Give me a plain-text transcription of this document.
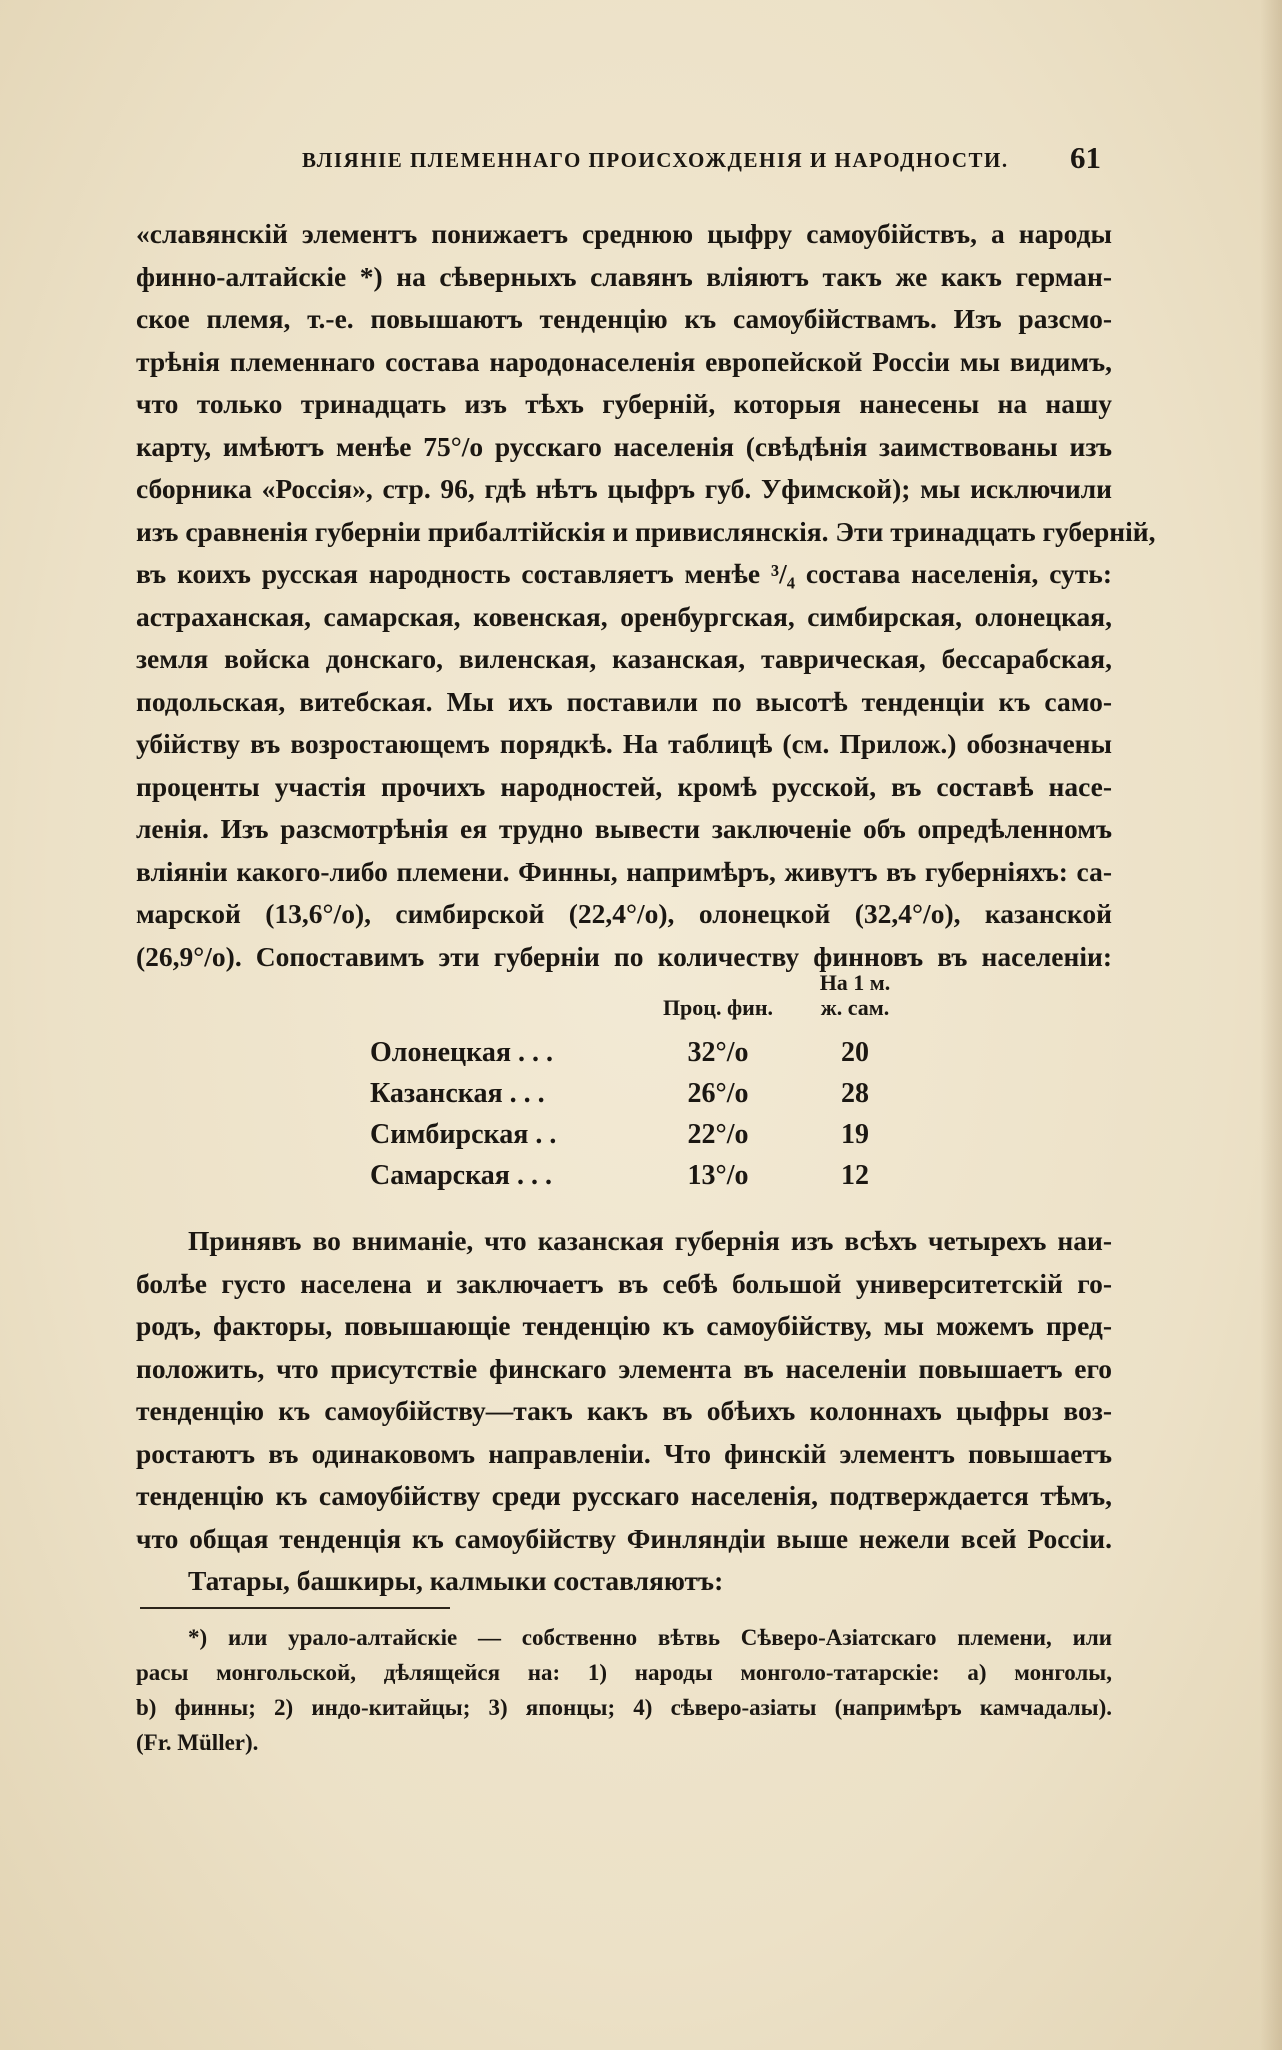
ВЛІЯНІЕ ПЛЕМЕННАГО ПРОИСХОЖДЕНІЯ И НАРОДНОСТИ. 61
«славянскій элементъ понижаетъ среднюю цыфру самоубійствъ, а народы
финно-алтайскіе *) на сѣверныхъ славянъ вліяютъ такъ же какъ герман-
ское племя, т.-е. повышаютъ тенденцію къ самоубійствамъ. Изъ разсмо-
трѣнія племеннаго состава народонаселенія европейской Россіи мы видимъ,
что только тринадцать изъ тѣхъ губерній, которыя нанесены на нашу
карту, имѣютъ менѣе 75°/o русскаго населенія (свѣдѣнія заимствованы изъ
сборника «Россія», стр. 96, гдѣ нѣтъ цыфръ губ. Уфимской); мы исключили
изъ сравненія губерніи прибалтійскія и привислянскія. Эти тринадцать губерній,
въ коихъ русская народность составляетъ менѣе ³/₄ состава населенія, суть:
астраханская, самарская, ковенская, оренбургская, симбирская, олонецкая,
земля войска донскаго, виленская, казанская, таврическая, бессарабская,
подольская, витебская. Мы ихъ поставили по высотѣ тенденціи къ само-
убійству въ возростающемъ порядкѣ. На таблицѣ (см. Прилож.) обозначены
проценты участія прочихъ народностей, кромѣ русской, въ составѣ насе-
ленія. Изъ разсмотрѣнія ея трудно вывести заключеніе объ опредѣленномъ
вліяніи какого-либо племени. Финны, напримѣръ, живутъ въ губерніяхъ: са-
марской (13,6°/o), симбирской (22,4°/o), олонецкой (32,4°/o), казанской
(26,9°/o). Сопоставимъ эти губерніи по количеству финновъ въ населеніи:
	Проц. фин.	На 1 м.
ж. сам.
Олонецкая . . .	32°/o	20
Казанская . . .	26°/o	28
Симбирская . .	22°/o	19
Самарская . . .	13°/o	12
Принявъ во вниманіе, что казанская губернія изъ всѣхъ четырехъ наи-
болѣе густо населена и заключаетъ въ себѣ большой университетскій го-
родъ, факторы, повышающіе тенденцію къ самоубійству, мы можемъ пред-
положить, что присутствіе финскаго элемента въ населеніи повышаетъ его
тенденцію къ самоубійству—такъ какъ въ обѣихъ колоннахъ цыфры воз-
ростаютъ въ одинаковомъ направленіи. Что финскій элементъ повышаетъ
тенденцію къ самоубійству среди русскаго населенія, подтверждается тѣмъ,
что общая тенденція къ самоубійству Финляндіи выше нежели всей Россіи.
Татары, башкиры, калмыки составляютъ:
*) или урало-алтайскіе — собственно вѣтвь Сѣверо-Азіатскаго племени, или
расы монгольской, дѣлящейся на: 1) народы монголо-татарскіе: а) монголы,
b) финны; 2) индо-китайцы; 3) японцы; 4) сѣверо-азіаты (напримѣръ камчадалы).
(Fr. Müller).
